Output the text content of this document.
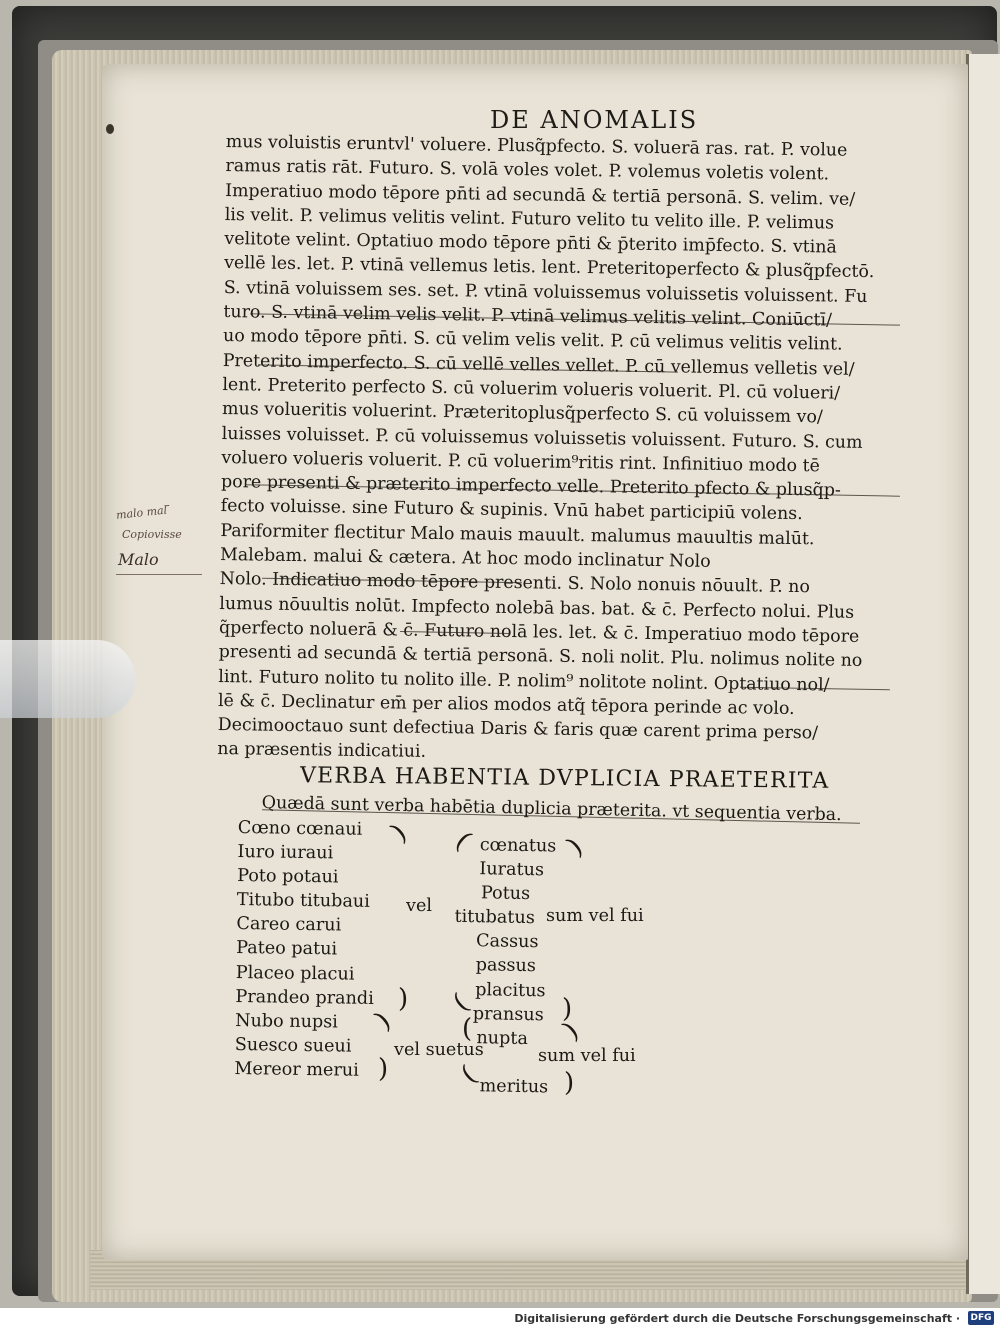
DE ANOMALIS
mus voluistis eruntvl' voluere. Plusq̃pfecto. S. voluerā ras. rat. P. volue
ramus ratis rāt. Futuro. S. volā voles volet. P. volemus voletis volent.
Imperatiuo modo tēpore pn̄ti ad secundā & tertiā personā. S. velim. ve/
lis velit. P. velimus velitis velint. Futuro velito tu velito ille. P. velimus
velitote velint. Optatiuo modo tēpore pn̄ti & p̄terito imp̄fecto. S. vtinā
vellē les. let. P. vtinā vellemus letis. lent. Preteritoperfecto & plusq̃pfectō.
S. vtinā voluissem ses. set. P. vtinā voluissemus voluissetis voluissent. Fu
turo. S. vtinā velim velis velit. P. vtinā velimus velitis velint. Coniūctī/
uo modo tēpore pn̄ti. S. cū velim velis velit. P. cū velimus velitis velint.
Preterito imperfecto. S. cū vellē velles vellet. P. cū vellemus velletis vel/
lent. Preterito perfecto S. cū voluerim volueris voluerit. Pl. cū volueri/
mus volueritis voluerint. Præteritoplusq̃perfecto S. cū voluissem vo/
luisses voluisset. P. cū voluissemus voluissetis voluissent. Futuro. S. cum
voluero volueris voluerit. P. cū voluerim⁹ritis rint. Infinitiuo modo tē
pore presenti & præterito imperfecto velle. Preterito pfecto & plusq̃p-
fecto voluisse. sine Futuro & supinis. Vnū habet participiū volens.
Pariformiter flectitur Malo mauis mauult. malumus mauultis malūt.
Malebam. malui & cætera. At hoc modo inclinatur Nolo
Nolo. Indicatiuo modo tēpore presenti. S. Nolo nonuis nōuult. P. no
lumus nōuultis nolūt. Impfecto nolebā bas. bat. & c̄. Perfecto nolui. Plus
q̃perfecto noluerā & c̄. Futuro nolā les. let. & c̄. Imperatiuo modo tēpore
presenti ad secundā & tertiā personā. S. noli nolit. Plu. nolimus nolite no
lint. Futuro nolito tu nolito ille. P. nolim⁹ nolitote nolint. Optatiuo nol/
lē & c̄. Declinatur em̄ per alios modos atq̃ tēpora perinde ac volo.
Decimooctauo sunt defectiua Daris & faris quæ carent prima perso/
na præsentis indicatiui.
VERBA HABENTIA DVPLICIA PRAETERITA
Quædā sunt verba habētia duplicia præterita. vt sequentia verba.
Cœno cœnaui
Iuro iuraui
Poto potaui
Titubo titubaui
Careo carui
Pateo patui
Placeo placui
Prandeo prandi
Nubo nupsi
Suesco sueui
Mereor merui
cœnatus
Iuratus
Potus
titubatus
Cassus
passus
placitus
pransus
nupta
meritus
vel	sum vel fui
vel suetus	sum vel fui
) (	)
) (	)
)	(	)
)	(	)
malo mal ̄
Copiovisse
Malo
Digitalisierung gefördert durch die Deutsche Forschungsgemeinschaft · DFG
